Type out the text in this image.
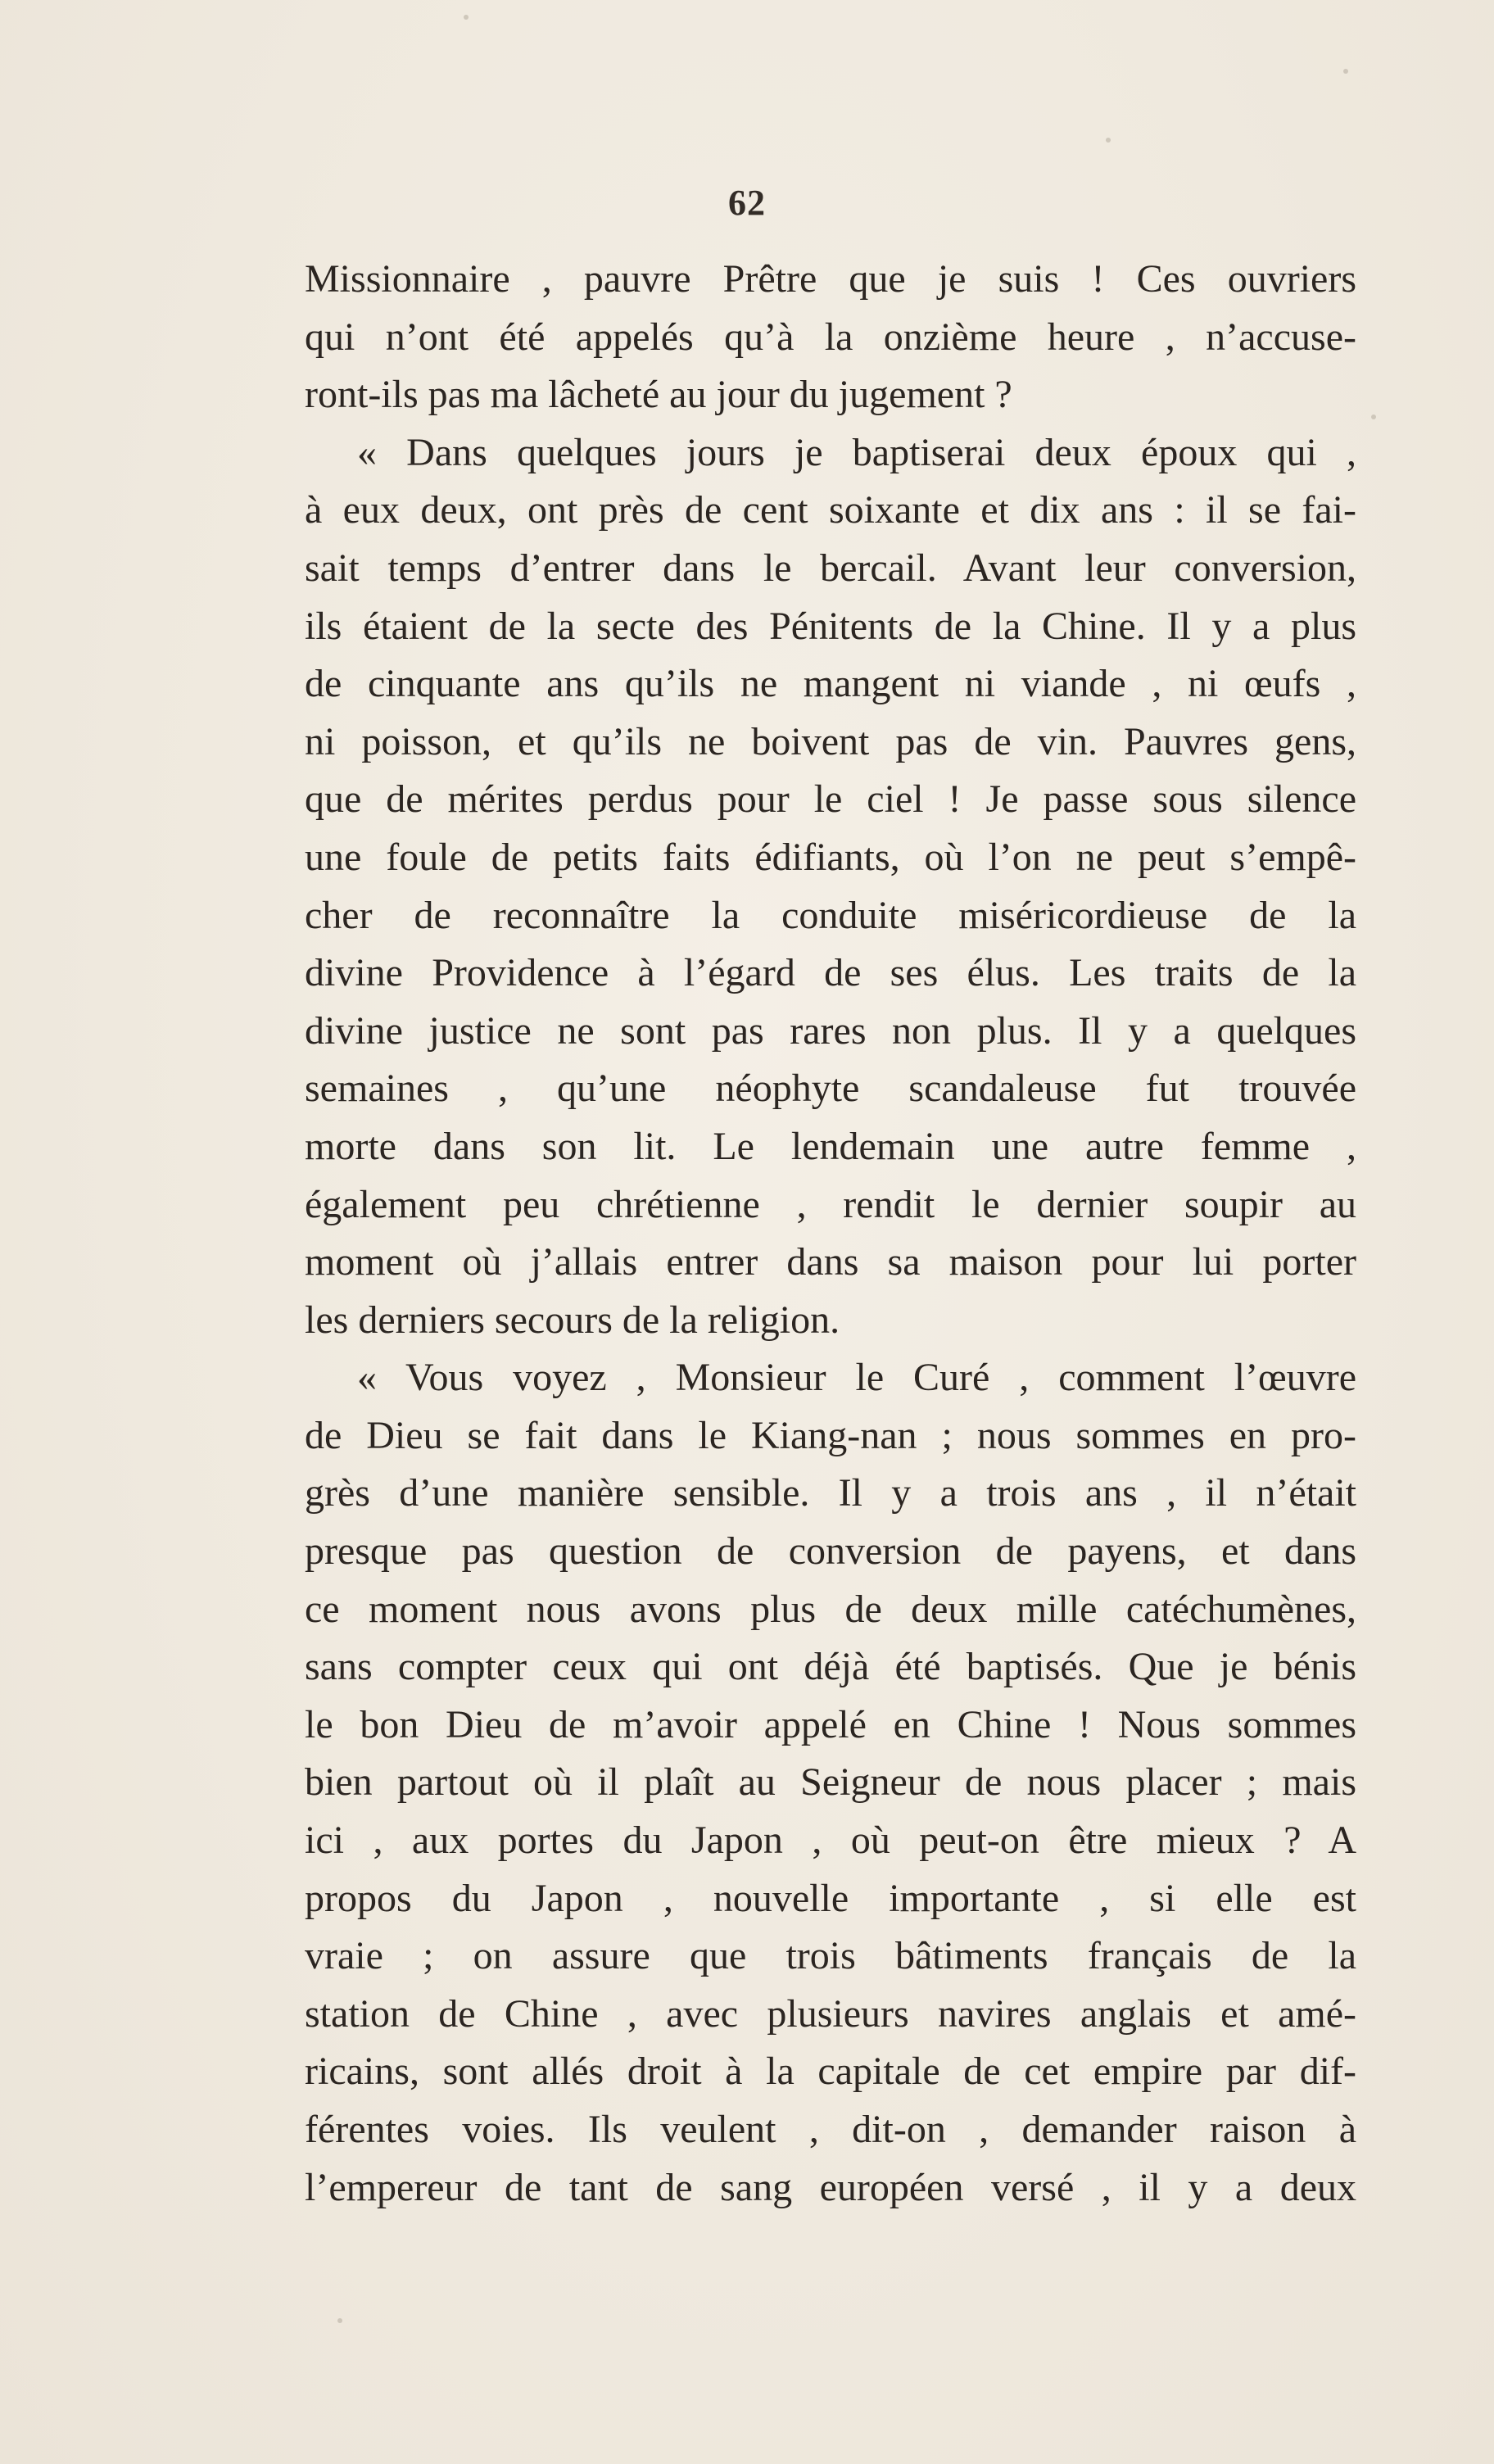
62
Missionnaire , pauvre Prêtre que je suis ! Ces ouvriers
qui n’ont été appelés qu’à la onzième heure , n’accuse-
ront-ils pas ma lâcheté au jour du jugement ?
« Dans quelques jours je baptiserai deux époux qui ,
à eux deux, ont près de cent soixante et dix ans : il se fai-
sait temps d’entrer dans le bercail. Avant leur conversion,
ils étaient de la secte des Pénitents de la Chine. Il y a plus
de cinquante ans qu’ils ne mangent ni viande , ni œufs ,
ni poisson, et qu’ils ne boivent pas de vin. Pauvres gens,
que de mérites perdus pour le ciel ! Je passe sous silence
une foule de petits faits édifiants, où l’on ne peut s’empê-
cher de reconnaître la conduite miséricordieuse de la
divine Providence à l’égard de ses élus. Les traits de la
divine justice ne sont pas rares non plus. Il y a quelques
semaines , qu’une néophyte scandaleuse fut trouvée
morte dans son lit. Le lendemain une autre femme ,
également peu chrétienne , rendit le dernier soupir au
moment où j’allais entrer dans sa maison pour lui porter
les derniers secours de la religion.
« Vous voyez , Monsieur le Curé , comment l’œuvre
de Dieu se fait dans le Kiang-nan ; nous sommes en pro-
grès d’une manière sensible. Il y a trois ans , il n’était
presque pas question de conversion de payens, et dans
ce moment nous avons plus de deux mille catéchumènes,
sans compter ceux qui ont déjà été baptisés. Que je bénis
le bon Dieu de m’avoir appelé en Chine ! Nous sommes
bien partout où il plaît au Seigneur de nous placer ; mais
ici , aux portes du Japon , où peut-on être mieux ? A
propos du Japon , nouvelle importante , si elle est
vraie ; on assure que trois bâtiments français de la
station de Chine , avec plusieurs navires anglais et amé-
ricains, sont allés droit à la capitale de cet empire par dif-
férentes voies. Ils veulent , dit-on , demander raison à
l’empereur de tant de sang européen versé , il y a deux
